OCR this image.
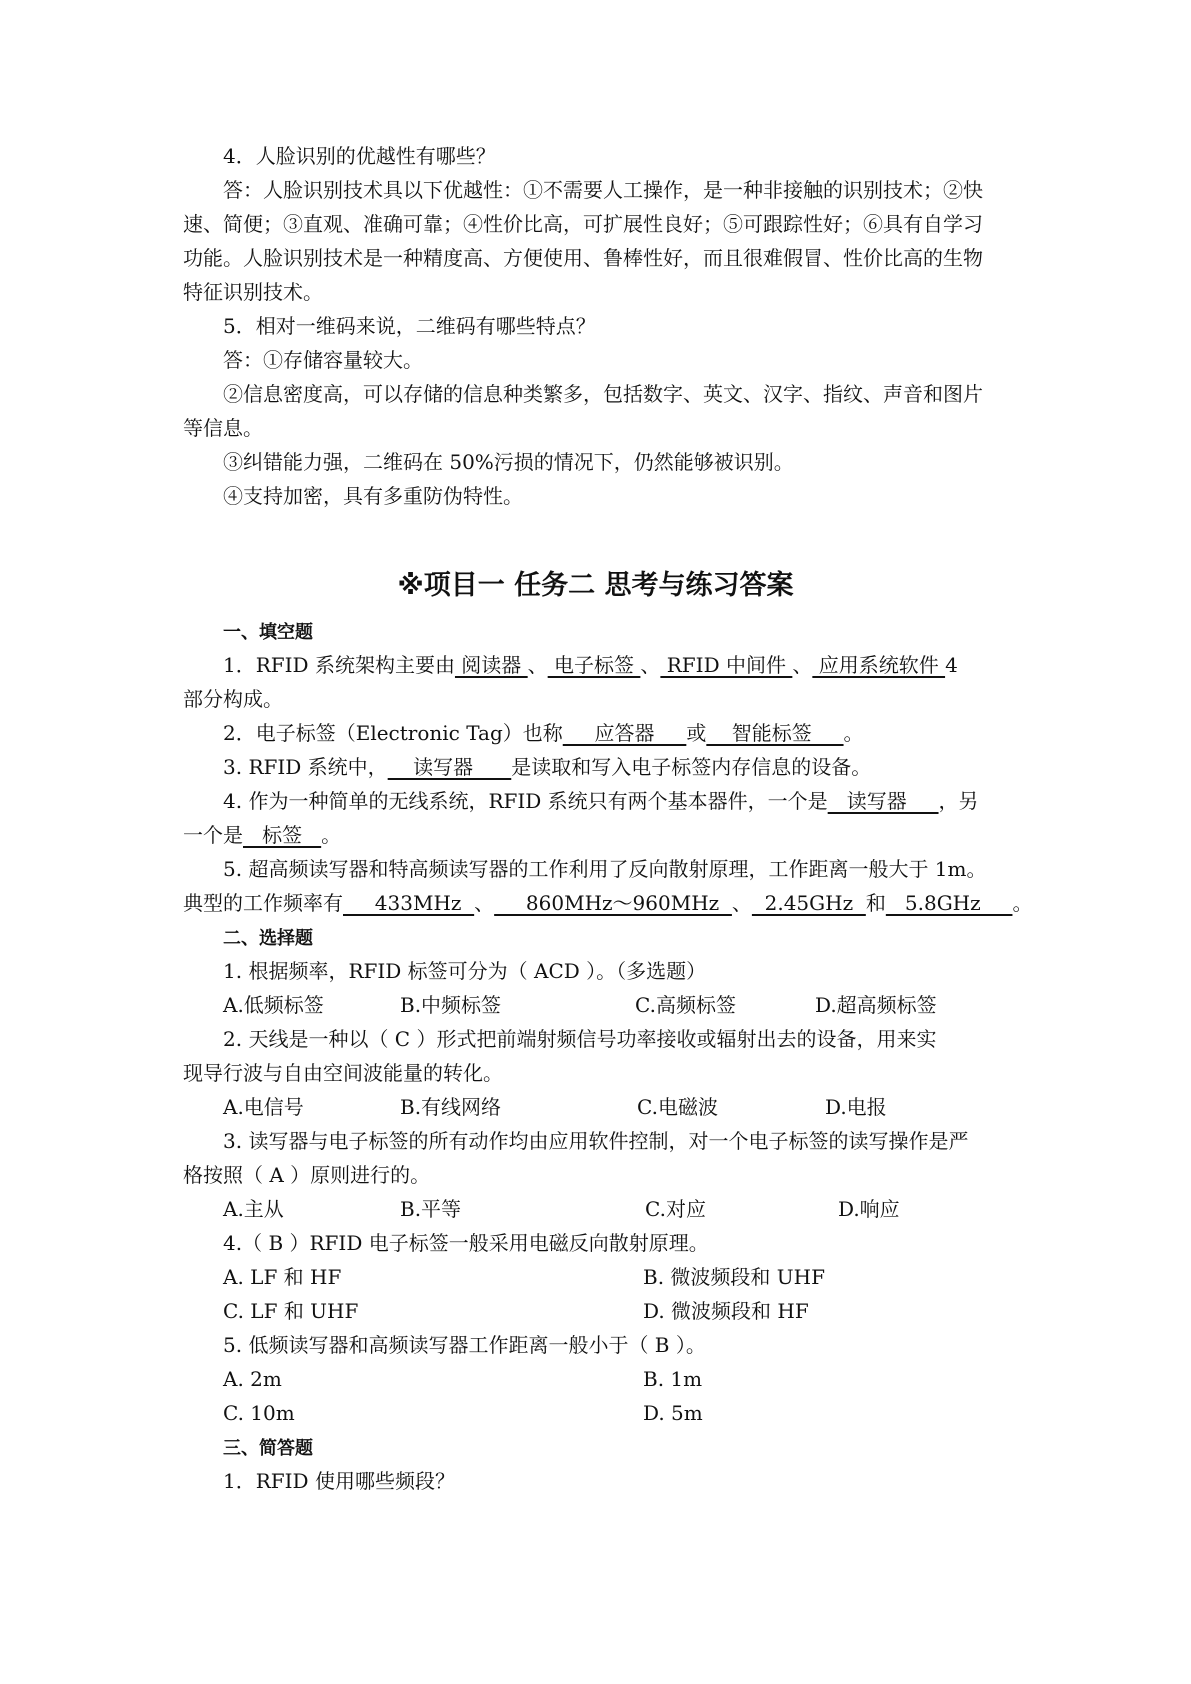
4．人脸识别的优越性有哪些？

答：人脸识别技术具以下优越性：①不需要人工操作，是一种非接触的识别技术；②快

速、简便；③直观、准确可靠；④性价比高，可扩展性良好；⑤可跟踪性好；⑥具有自学习

功能。人脸识别技术是一种精度高、方便使用、鲁棒性好，而且很难假冒、性价比高的生物

特征识别技术。

5．相对一维码来说，二维码有哪些特点？

答：①存储容量较大。

②信息密度高，可以存储的信息种类繁多，包括数字、英文、汉字、指纹、声音和图片

等信息。

③纠错能力强，二维码在 50%污损的情况下，仍然能够被识别。

④支持加密，具有多重防伪特性。

※项目一 任务二 思考与练习答案

一、填空题

1．RFID 系统架构主要由 阅读器 、 电子标签 、 RFID 中间件 、 应用系统软件 4

部分构成。

2．电子标签（Electronic Tag）也称     应答器     或    智能标签     。

3. RFID 系统中，    读写器      是读取和写入电子标签内存信息的设备。

4. 作为一种简单的无线系统，RFID 系统只有两个基本器件，一个是   读写器     ，另

一个是   标签   。

5. 超高频读写器和特高频读写器的工作利用了反向散射原理，工作距离一般大于 1m。

典型的工作频率有     433MHz  、     860MHz～960MHz  、  2.45GHz  和   5.8GHz     。

二、选择题

1. 根据频率，RFID 标签可分为（ ACD ）。（多选题）

A.低频标签	B.中频标签	C.高频标签	D.超高频标签

2. 天线是一种以（ C ）形式把前端射频信号功率接收或辐射出去的设备，用来实

现导行波与自由空间波能量的转化。

A.电信号	B.有线网络	C.电磁波	D.电报

3. 读写器与电子标签的所有动作均由应用软件控制，对一个电子标签的读写操作是严

格按照（ A ）原则进行的。

A.主从	B.平等	C.对应	D.响应

4.（ B ）RFID 电子标签一般采用电磁反向散射原理。

A. LF 和 HF	B. 微波频段和 UHF
C. LF 和 UHF	D. 微波频段和 HF

5. 低频读写器和高频读写器工作距离一般小于（ B ）。

A. 2m	B. 1m
C. 10m	D. 5m

三、简答题

1．RFID 使用哪些频段？
